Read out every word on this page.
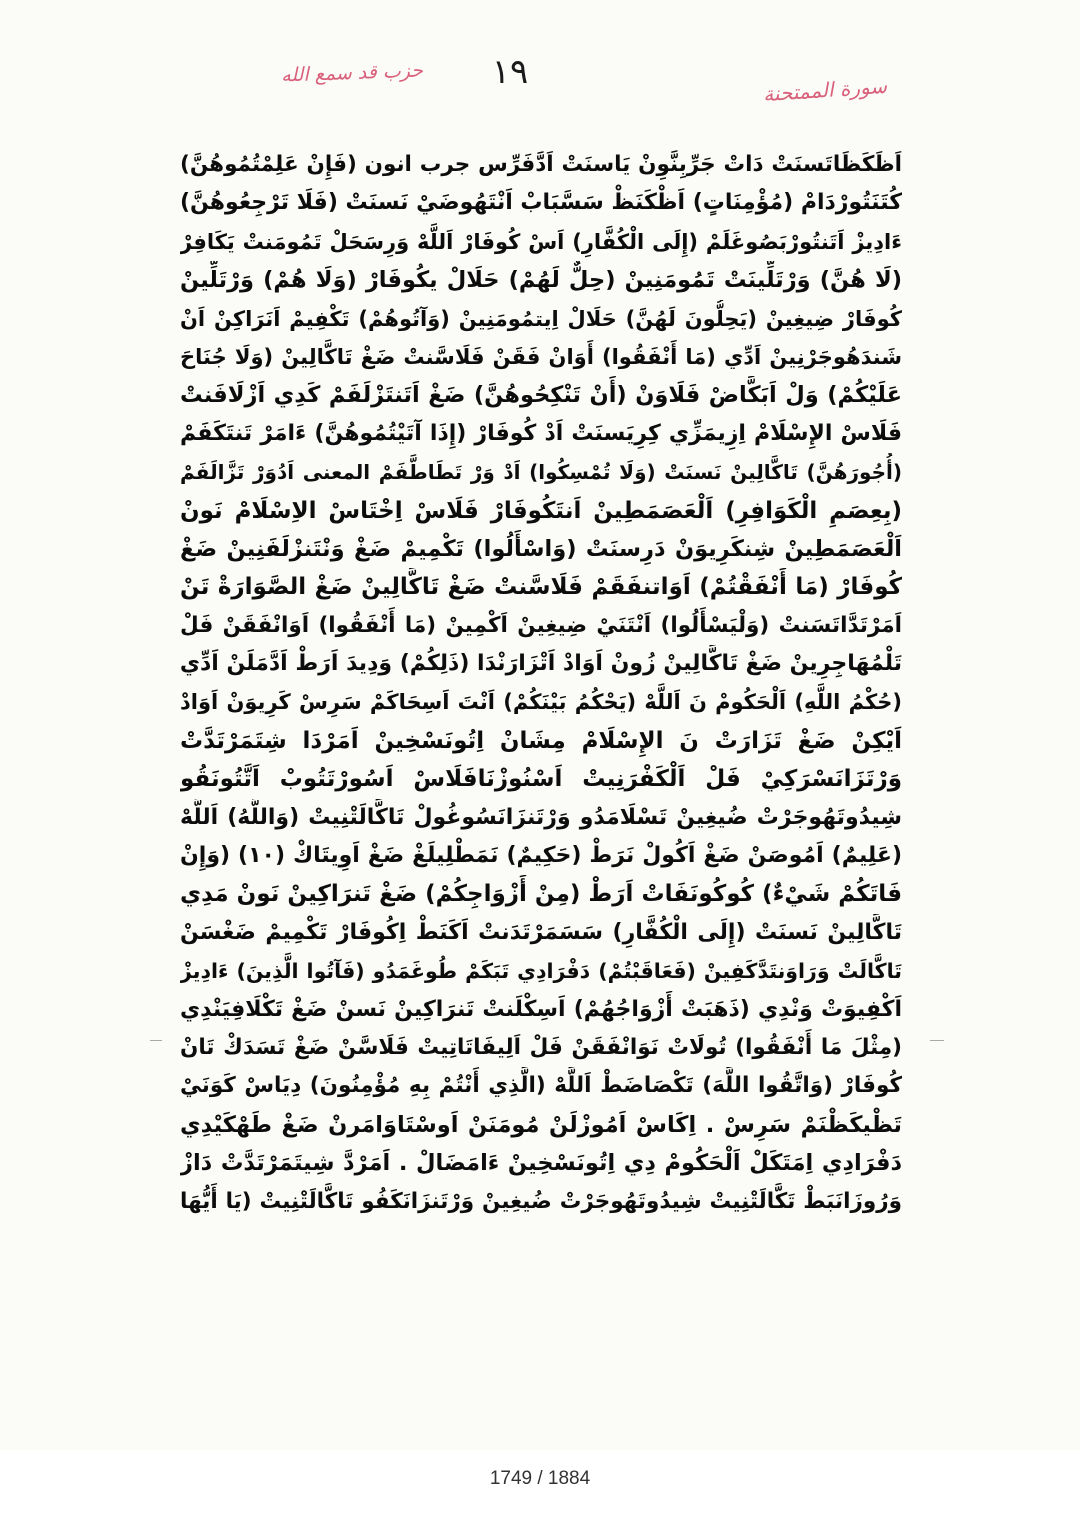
حزب قد سمع الله	١٩	سورة الممتحنة
اَظَكَظَاتَسنَتْ دَاتْ جَرِّبِنَّوِنْ يَاسنَتْ اَدَّفَرِّس جرب انون (فَإِنْ عَلِمْتُمُوهُنَّ)
كُتَنَتُورْدَامْ (مُؤْمِنَاتٍ) اَظْكَنَظْ سَسَّبَابْ اَنْتَهُوضَيْ نَسنَتْ (فَلَا تَرْجِعُوهُنَّ)
ءَادِيزْ اَتَنتُورْبَصُوغَلَمْ (إِلَى الْكُفَّارِ) اَسْ كُوفَارْ اَللَّهْ وَرِسَحَلْ تَمُومَنتْ يَكَافِرْ
(لَا هُنَّ) وَرْتَلِّينَتْ تَمُومَنِينْ (حِلٌّ لَهُمْ) حَلَالْ يكُوفَارْ (وَلَا هُمْ) وَرْتَلِّينْ
كُوفَارْ ضِيغِينْ (يَحِلُّونَ لَهُنَّ) حَلَالْ اِيتمُومَنِينْ (وَآتُوهُمْ) تَكْفِيمْ اَنَرَاكِنْ اَنْ
شَندَهُوجَرْنِينْ اَدِّي (مَا أَنْفَقُوا) أَوَانْ فَقَنْ فَلَاسَّنتْ ضَغْ تَاكَّالِينْ (وَلَا جُنَاحَ
عَلَيْكُمْ) وَلْ اَبَكَّاضْ فَلَاوَنْ (أَنْ تَنْكِحُوهُنَّ) ضَغْ اَتَنتَزْلَفَمْ كَدِي اَزْلَافَنتْ
فَلَاسْ الإِسْلَامْ اِزِيمَزِّي كِرِيَسنَتْ اَدْ كُوفَارْ (إِذَا آتَيْتُمُوهُنَّ) ءَامَرْ تَنتَكَفَمْ
(أُجُورَهُنَّ) تَاكَّالِينْ نَسنَتْ (وَلَا تُمْسِكُوا) اَدْ وَرْ تَطَاطَّفَمْ المعنى اَدُوَرْ تَزَّالَفَمْ
(بِعِصَمِ الْكَوَافِرِ) اَلْعَصَمَطِينْ اَنتَكُوفَارْ فَلَاسْ اِخْتَاسْ الاِسْلَامْ نَونْ
اَلْعَصَمَطِينْ شِنكَرِيوَنْ دَرِسنَتْ (وَاسْأَلُوا) تَكْمِيمْ ضَغْ وَنْتَنزْلَفَنِينْ ضَغْ
كُوفَارْ (مَا أَنْفَقْتُمْ) اَوَاتنفَقَمْ فَلَاسَّنتْ ضَغْ تَاكَّالِينْ ضَغْ الصَّوَارَةْ تَنْ
اَمَرْتَدَّاتَسَنتْ (وَلْيَسْأَلُوا) اَنْتَنَيْ ضِيغِينْ اَكْمِينْ (مَا أَنْفَقُوا) اَوَانْفَقَنْ فَلْ
تَلْمُهَاجِرِينْ ضَغْ تَاكَّالِينْ زُونْ اَوَادْ اَتْزَارَنْدَا (ذَلِكُمْ) وَدِيدَ اَرَطْ اَدَّمَلَنْ اَدِّي
(حُكْمُ اللَّهِ) اَلْحَكُومْ نَ اَللَّهْ (يَحْكُمُ بَيْنَكُمْ) اَنْتَ اَسِحَاكَمْ سَرِسْ كَرِيوَنْ اَوَادْ
اَيْكِنْ ضَغْ تَزَارَتْ نَ الإِسْلَامْ مِشَانْ اِتُونَسْخِينْ اَمَرْدَا شِتَمَرْتَدَّتْ
وَرْتَزَانَسْرَكِيْ فَلْ اَلْكَفْرَنِيتْ اَسْنُوزْنَافَلَاسْ اَسُورْتَتُوبْ اَتَّتُونَقُو
شِيدُوتَهُوجَرْتْ ضُيغِينْ تَسْلَامَدُو وَرْتَنزَانَسُوغُولْ تَاكَّالَتْنِيتْ (وَاللَّهُ) اَللَّهْ
(عَلِيمٌ) اَمُوصَنْ ضَغْ اَكُولْ نَرَطْ (حَكِيمٌ) نَمَطْلِيلَغْ ضَغْ اَوِيتَاكْ (١٠) (وَإِنْ
فَاتَكُمْ شَيْءٌ) كُوكُونَفَاتْ اَرَطْ (مِنْ أَزْوَاجِكُمْ) ضَغْ تَنرَاكِينْ نَونْ مَدِي
تَاكَّالِينْ نَسنَتْ (إِلَى الْكُفَّارِ) سَسَمَرْتَدَنتْ اَكَنَطْ اِكُوفَارْ تَكْمِيمْ ضَغْسَنْ
تَاكَّالَتْ وَرَاوَنتَدَّكَفِينْ (فَعَاقَبْتُمْ) دَفْرَادِي تَبَكَمْ طُوغَمَدُو (فَآتُوا الَّذِينَ) ءَادِيزْ
اَكْفِيوَتْ وَنْدِي (ذَهَبَتْ أَزْوَاجُهُمْ) اَسِكْلَنتْ تَنرَاكِينْ نَسنْ ضَغْ تَكْلَافِيَنْدِي
(مِثْلَ مَا أَنْفَقُوا) تُولَاتْ نَوَانْفَقَنْ فَلْ اَلِيفَاتَاتِيتْ فَلَاسَّنْ ضَغْ تَسَدَكْ تَانْ
كُوفَارْ (وَاتَّقُوا اللَّهَ) تَكْصَاضَطْ اَللَّهْ (الَّذِي أَنْتُمْ بِهِ مُؤْمِنُونَ) دِيَاسْ كَوَنَيْ
تَظْيكَظْنَمْ سَرِسْ . اِكَاسْ اَمُوزْلَنْ مُومَنَنْ اَوسْتَاوَامَرنْ ضَغْ طَهْكَيْدِي
دَفْرَادِي اِمَتَكَلْ اَلْحَكُومْ دِي اِتُونَسْخِينْ ءَامَضَالْ . اَمَرْدَّ شِيتَمَرْتَدَّتْ دَازْ
وَرُوزَانَبَطْ تَكَّالَتْنِيتْ شِيدُوتَهُوجَرْتْ ضُيغِينْ وَرْتَنزَانَكَفُو تَاكَّالَتْنِيتْ (يَا أَيُّهَا
1749 / 1884
